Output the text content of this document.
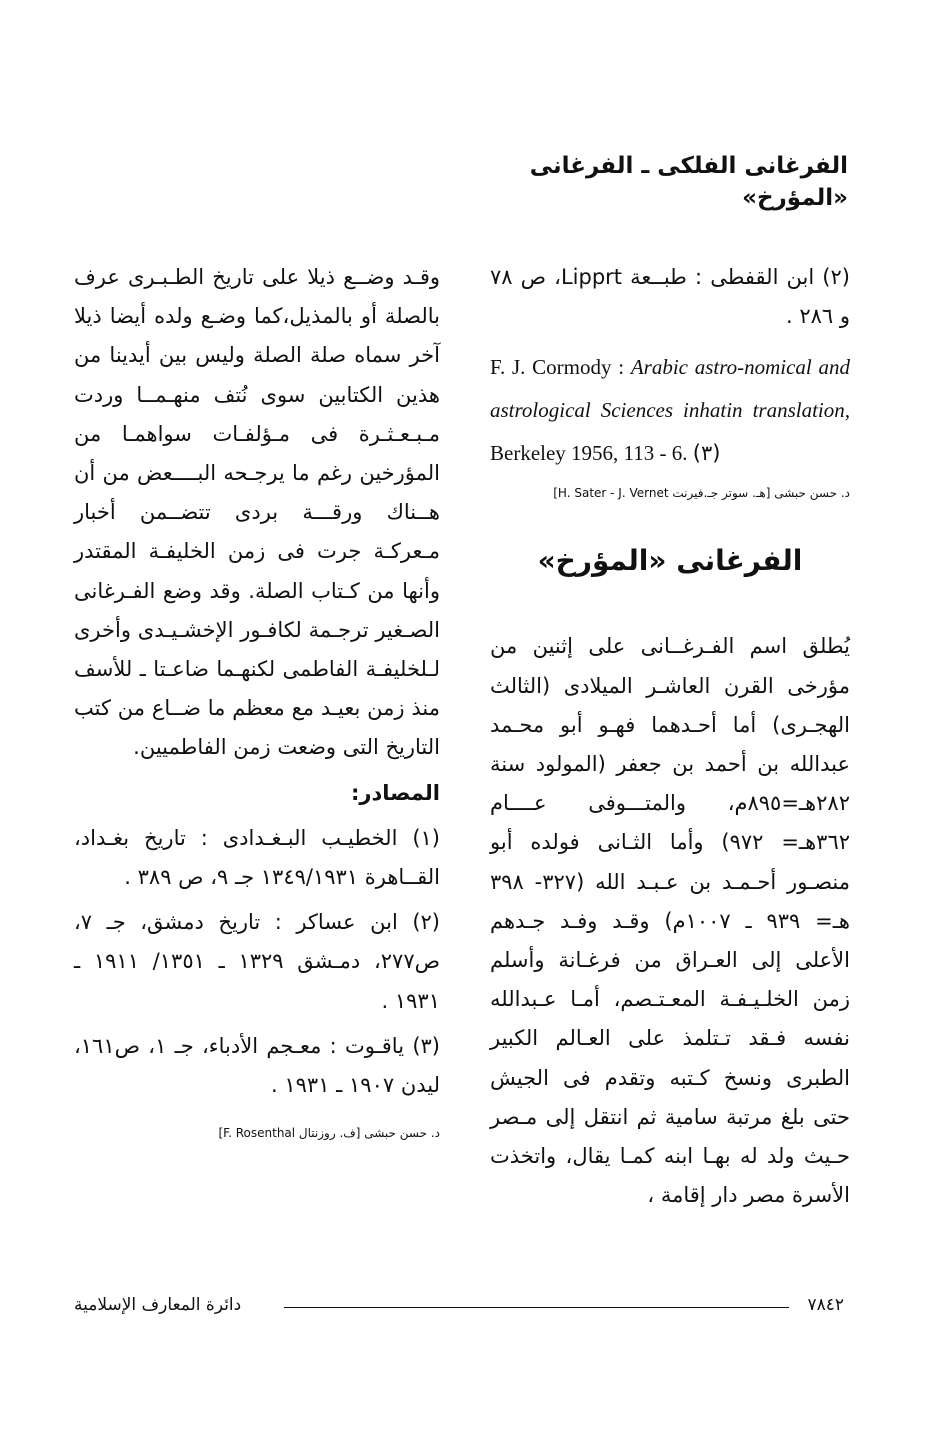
الفرغانى الفلكى ـ الفرغانى «المؤرخ»

(٢) ابن القفطى : طبــعة Lipprt، ص ٧٨ و ٢٨٦ .

F. J. Cormody : Arabic astro-nomical and astrological Sciences inhatin translation, Berkeley 1956, 113 - 6. (٣)
د. حسن حبشى [هـ. سوتر جـ.فيرنت H. Sater - J. Vernet]
الفرغانى «المؤرخ»

يُطلق اسم الفـرغــانى على إثنين من مؤرخى القرن العاشـر الميلادى (الثالث الهجـرى) أما أحـدهما فهـو أبو محـمد عبدالله بن أحمد بن جعفر (المولود سنة ٢٨٢هـ=٨٩٥م، والمتـــوفى عــــام ٣٦٢هـ= ٩٧٢) وأما الثـانى فولده أبو منصـور أحـمـد بن عـبـد الله (٣٢٧- ٣٩٨ هـ= ٩٣٩ ـ ١٠٠٧م) وقـد وفـد جـدهم الأعلى إلى العـراق من فرغـانة وأسلم زمن الخلـيـفـة المعـتـصم، أمـا عـبدالله نفسه فـقد تـتلمذ على العـالم الكبير الطبرى ونسخ كـتبه وتقدم فى الجيش حتى بلغ مرتبة سامية ثم انتقل إلى مـصر حـيث ولد له بهـا ابنه كمـا يقال، واتخذت الأسرة مصر دار إقامة ،

وقـد وضــع ذيلا على تاريخ الطـبـرى عرف بالصلة أو بالمذيل،كما وضـع ولده أيضا ذيلا آخر سماه صلة الصلة وليس بين أيدينا من هذين الكتابين سوى نُتف منهـمــا وردت مـبـعـثـرة فى مـؤلفـات سواهمـا من المؤرخين رغم ما يرجـحه البــــعض من أن هــناك ورقـــة بردى تتضــمن أخبار مـعركـة جرت فى زمن الخليفـة المقتدر وأنها من كـتاب الصلة. وقد وضع الفـرغانى الصـغير ترجـمة لكافـور الإخشـيـدى وأخرى لـلخليفـة الفاطمى لكنهـما ضاعـتا ـ للأسف منذ زمن بعيـد مع معظم ما ضــاع من كتب التاريخ التى وضعت زمن الفاطميين.

المصادر:

(١) الخطيـب البـغـدادى : تاريخ بغـداد، القــاهرة ١٣٤٩/١٩٣١ جـ ٩، ص ٣٨٩ .

(٢) ابن عساكر : تاريخ دمشق، جـ ٧، ص٢٧٧، دمـشق ١٣٢٩ ـ ١٣٥١/ ١٩١١ ـ ١٩٣١ .

(٣) ياقـوت : معـجم الأدباء، جـ ١، ص١٦١، ليدن ١٩٠٧ ـ ١٩٣١ .

د. حسن حبشى [ف. روزنتال F. Rosenthal]
دائرة المعارف الإسلامية	٧٨٤٢
